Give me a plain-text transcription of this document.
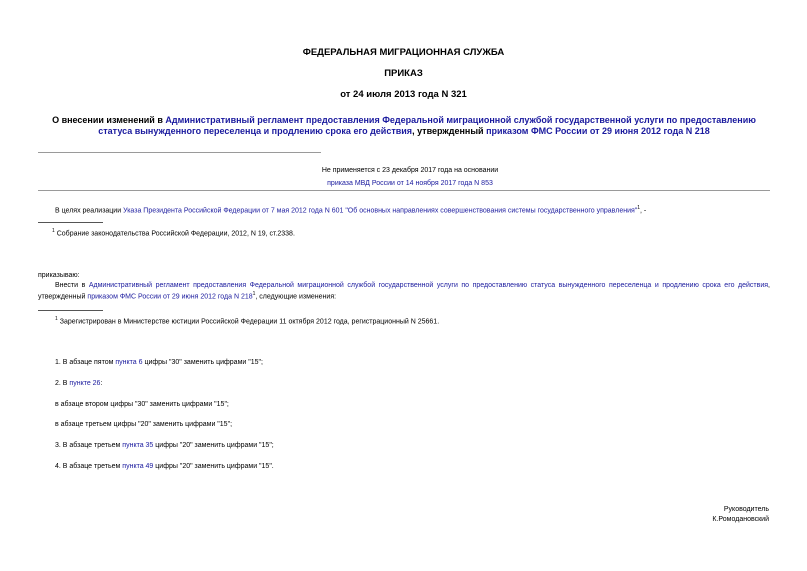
ФЕДЕРАЛЬНАЯ МИГРАЦИОННАЯ СЛУЖБА
ПРИКАЗ
от 24 июля 2013 года N 321
О внесении изменений в Административный регламент предоставления Федеральной миграционной службой государственной услуги по предоставлению статуса вынужденного переселенца и продлению срока его действия, утвержденный приказом ФМС России от 29 июня 2012 года N 218
Не применяется с 23 декабря 2017 года на основании
приказа МВД России от 14 ноября 2017 года N 853
В целях реализации Указа Президента Российской Федерации от 7 мая 2012 года N 601 "Об основных направлениях совершенствования системы государственного управления"$^1$, -
$^1$ Собрание законодательства Российской Федерации, 2012, N 19, ст.2338.
приказываю:
Внести в Административный регламент предоставления Федеральной миграционной службой государственной услуги по предоставлению статуса вынужденного переселенца и продлению срока его действия, утвержденный приказом ФМС России от 29 июня 2012 года N $218^1$, следующие изменения:
$^1$ Зарегистрирован в Министерстве юстиции Российской Федерации 11 октября 2012 года, регистрационный N 25661.
1. В абзаце пятом пункта 6 цифры "30" заменить цифрами "15";
2. В пункте 26:
в абзаце втором цифры "30" заменить цифрами "15";
в абзаце третьем цифры "20" заменить цифрами "15";
3. В абзаце третьем пункта 35 цифры "20" заменить цифрами "15";
4. В абзаце третьем пункта 49 цифры "20" заменить цифрами "15".
Руководитель
К.Ромодановский
